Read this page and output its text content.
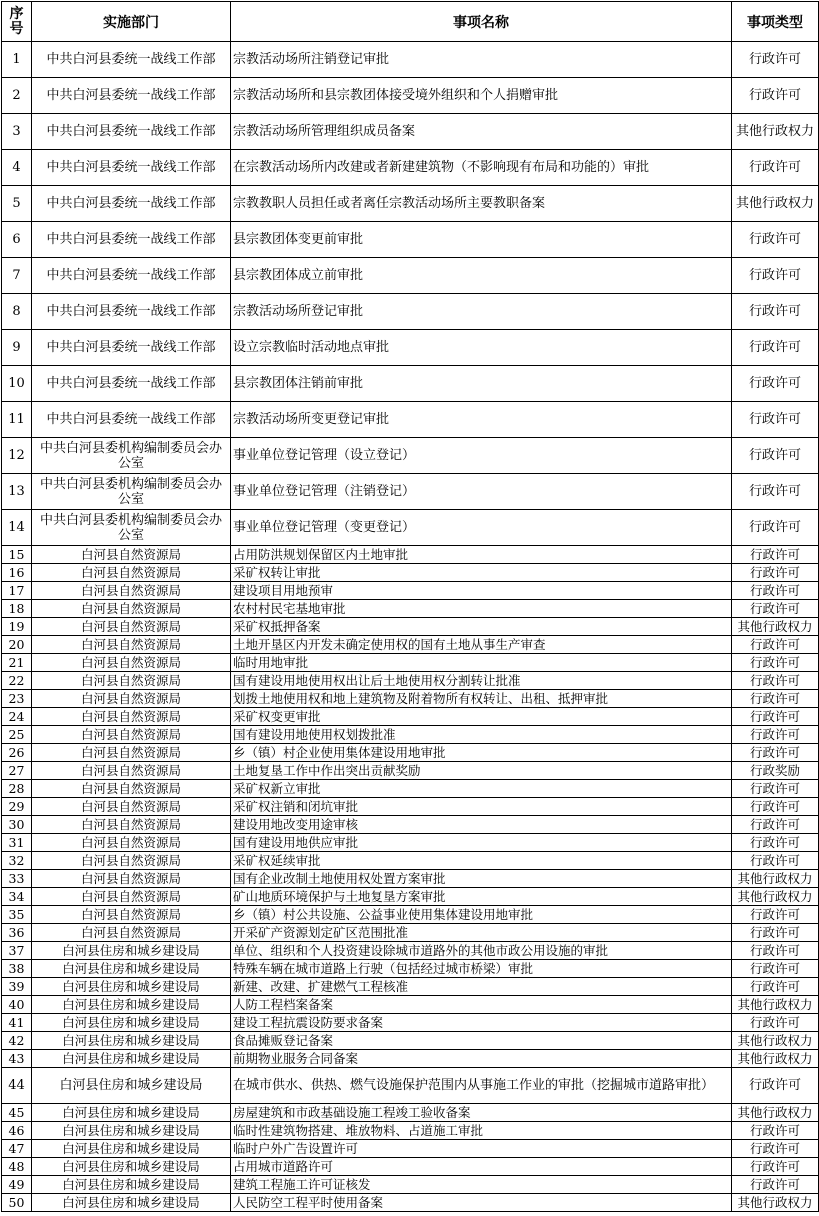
序号	实施部门	事项名称	事项类型
1	中共白河县委统一战线工作部	宗教活动场所注销登记审批	行政许可
2	中共白河县委统一战线工作部	宗教活动场所和县宗教团体接受境外组织和个人捐赠审批	行政许可
3	中共白河县委统一战线工作部	宗教活动场所管理组织成员备案	其他行政权力
4	中共白河县委统一战线工作部	在宗教活动场所内改建或者新建建筑物（不影响现有布局和功能的）审批	行政许可
5	中共白河县委统一战线工作部	宗教教职人员担任或者离任宗教活动场所主要教职备案	其他行政权力
6	中共白河县委统一战线工作部	县宗教团体变更前审批	行政许可
7	中共白河县委统一战线工作部	县宗教团体成立前审批	行政许可
8	中共白河县委统一战线工作部	宗教活动场所登记审批	行政许可
9	中共白河县委统一战线工作部	设立宗教临时活动地点审批	行政许可
10	中共白河县委统一战线工作部	县宗教团体注销前审批	行政许可
11	中共白河县委统一战线工作部	宗教活动场所变更登记审批	行政许可
12	中共白河县委机构编制委员会办公室	事业单位登记管理（设立登记）	行政许可
13	中共白河县委机构编制委员会办公室	事业单位登记管理（注销登记）	行政许可
14	中共白河县委机构编制委员会办公室	事业单位登记管理（变更登记）	行政许可
15	白河县自然资源局	占用防洪规划保留区内土地审批	行政许可
16	白河县自然资源局	采矿权转让审批	行政许可
17	白河县自然资源局	建设项目用地预审	行政许可
18	白河县自然资源局	农村村民宅基地审批	行政许可
19	白河县自然资源局	采矿权抵押备案	其他行政权力
20	白河县自然资源局	土地开垦区内开发未确定使用权的国有土地从事生产审查	行政许可
21	白河县自然资源局	临时用地审批	行政许可
22	白河县自然资源局	国有建设用地使用权出让后土地使用权分割转让批准	行政许可
23	白河县自然资源局	划拨土地使用权和地上建筑物及附着物所有权转让、出租、抵押审批	行政许可
24	白河县自然资源局	采矿权变更审批	行政许可
25	白河县自然资源局	国有建设用地使用权划拨批准	行政许可
26	白河县自然资源局	乡（镇）村企业使用集体建设用地审批	行政许可
27	白河县自然资源局	土地复垦工作中作出突出贡献奖励	行政奖励
28	白河县自然资源局	采矿权新立审批	行政许可
29	白河县自然资源局	采矿权注销和闭坑审批	行政许可
30	白河县自然资源局	建设用地改变用途审核	行政许可
31	白河县自然资源局	国有建设用地供应审批	行政许可
32	白河县自然资源局	采矿权延续审批	行政许可
33	白河县自然资源局	国有企业改制土地使用权处置方案审批	其他行政权力
34	白河县自然资源局	矿山地质环境保护与土地复垦方案审批	其他行政权力
35	白河县自然资源局	乡（镇）村公共设施、公益事业使用集体建设用地审批	行政许可
36	白河县自然资源局	开采矿产资源划定矿区范围批准	行政许可
37	白河县住房和城乡建设局	单位、组织和个人投资建设除城市道路外的其他市政公用设施的审批	行政许可
38	白河县住房和城乡建设局	特殊车辆在城市道路上行驶（包括经过城市桥梁）审批	行政许可
39	白河县住房和城乡建设局	新建、改建、扩建燃气工程核准	行政许可
40	白河县住房和城乡建设局	人防工程档案备案	其他行政权力
41	白河县住房和城乡建设局	建设工程抗震设防要求备案	行政许可
42	白河县住房和城乡建设局	食品摊贩登记备案	其他行政权力
43	白河县住房和城乡建设局	前期物业服务合同备案	其他行政权力
44	白河县住房和城乡建设局	在城市供水、供热、燃气设施保护范围内从事施工作业的审批（挖掘城市道路审批）	行政许可
45	白河县住房和城乡建设局	房屋建筑和市政基础设施工程竣工验收备案	其他行政权力
46	白河县住房和城乡建设局	临时性建筑物搭建、堆放物料、占道施工审批	行政许可
47	白河县住房和城乡建设局	临时户外广告设置许可	行政许可
48	白河县住房和城乡建设局	占用城市道路许可	行政许可
49	白河县住房和城乡建设局	建筑工程施工许可证核发	行政许可
50	白河县住房和城乡建设局	人民防空工程平时使用备案	其他行政权力
